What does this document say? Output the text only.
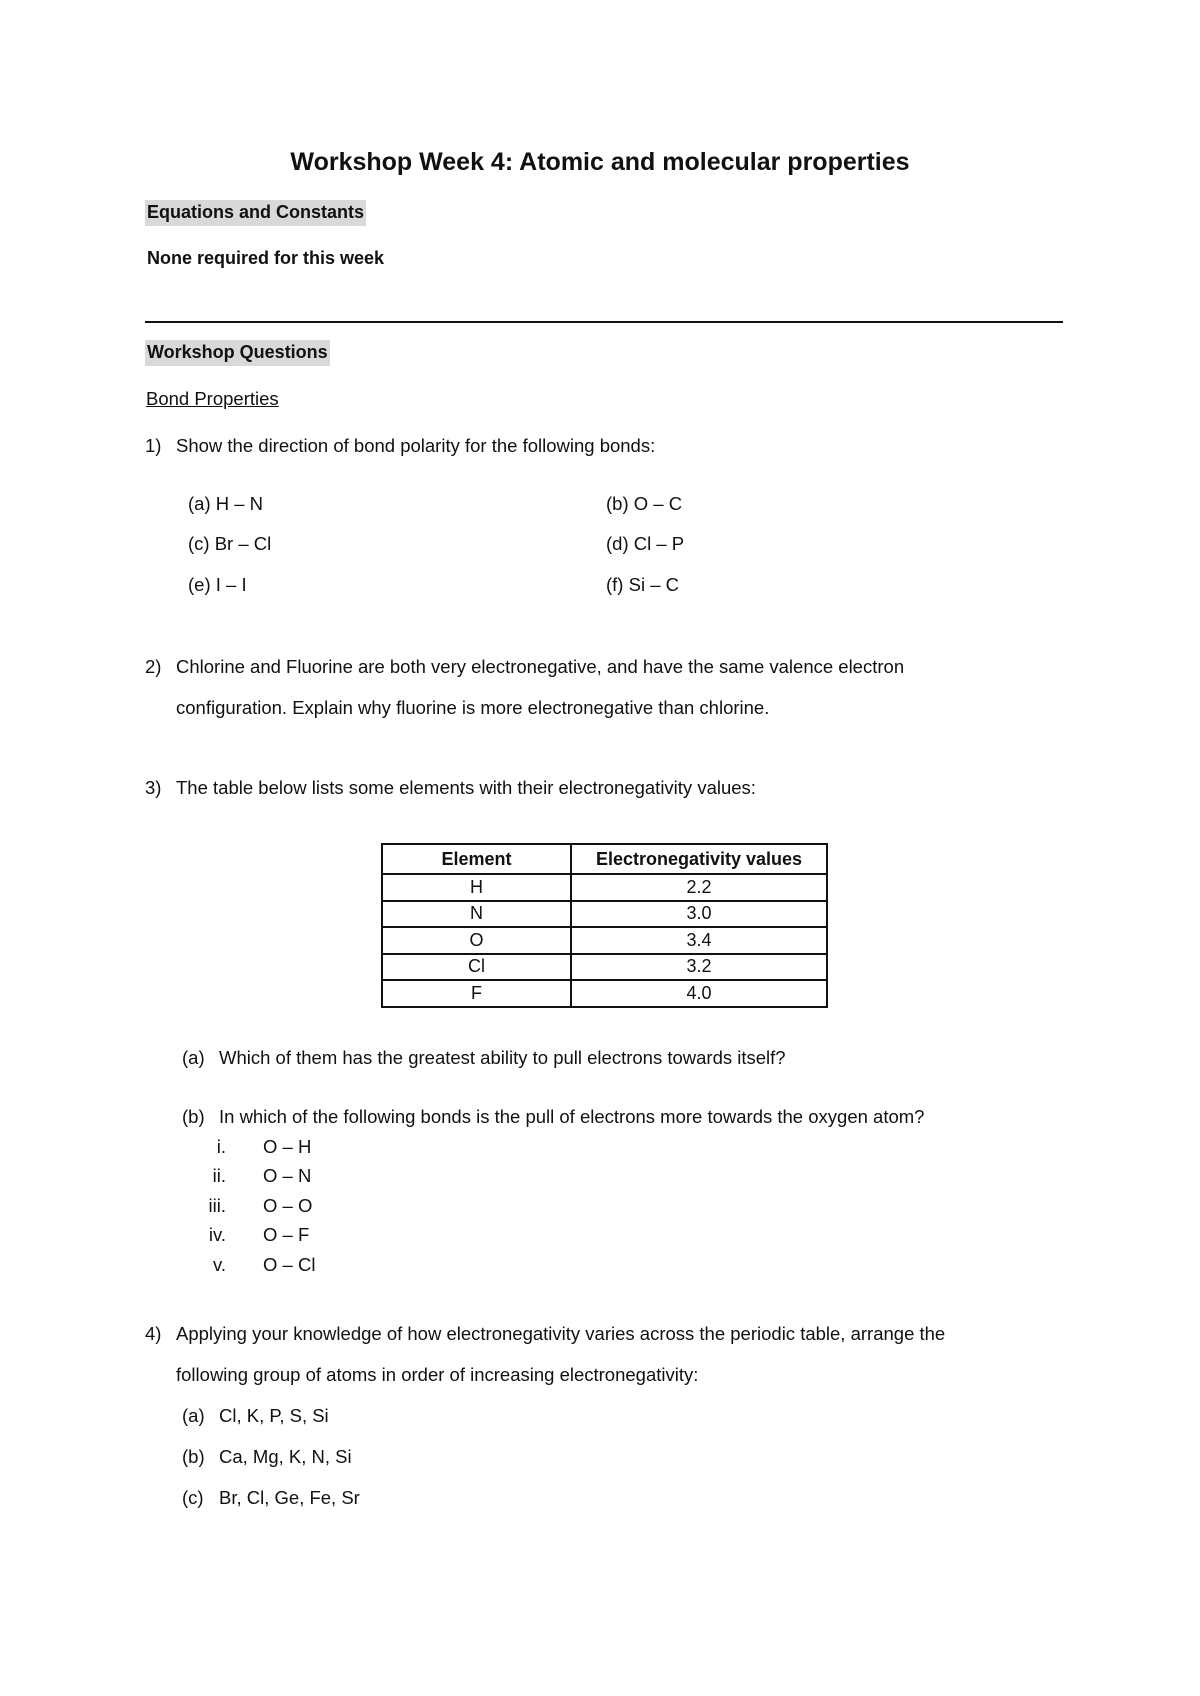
Workshop Week 4: Atomic and molecular properties
Equations and Constants
None required for this week
Workshop Questions
Bond Properties
1) Show the direction of bond polarity for the following bonds:
(a) H – N	(b) O – C
(c) Br – Cl	(d) Cl – P
(e) I – I	(f) Si – C
2) Chlorine and Fluorine are both very electronegative, and have the same valence electron
configuration. Explain why fluorine is more electronegative than chlorine.
3) The table below lists some elements with their electronegativity values:
Element	Electronegativity values
H	2.2
N	3.0
O	3.4
Cl	3.2
F	4.0
(a) Which of them has the greatest ability to pull electrons towards itself?
(b) In which of the following bonds is the pull of electrons more towards the oxygen atom?
i. O – H
ii. O – N
iii. O – O
iv. O – F
v. O – Cl
4) Applying your knowledge of how electronegativity varies across the periodic table, arrange the
following group of atoms in order of increasing electronegativity:
(a) Cl, K, P, S, Si
(b) Ca, Mg, K, N, Si
(c) Br, Cl, Ge, Fe, Sr
